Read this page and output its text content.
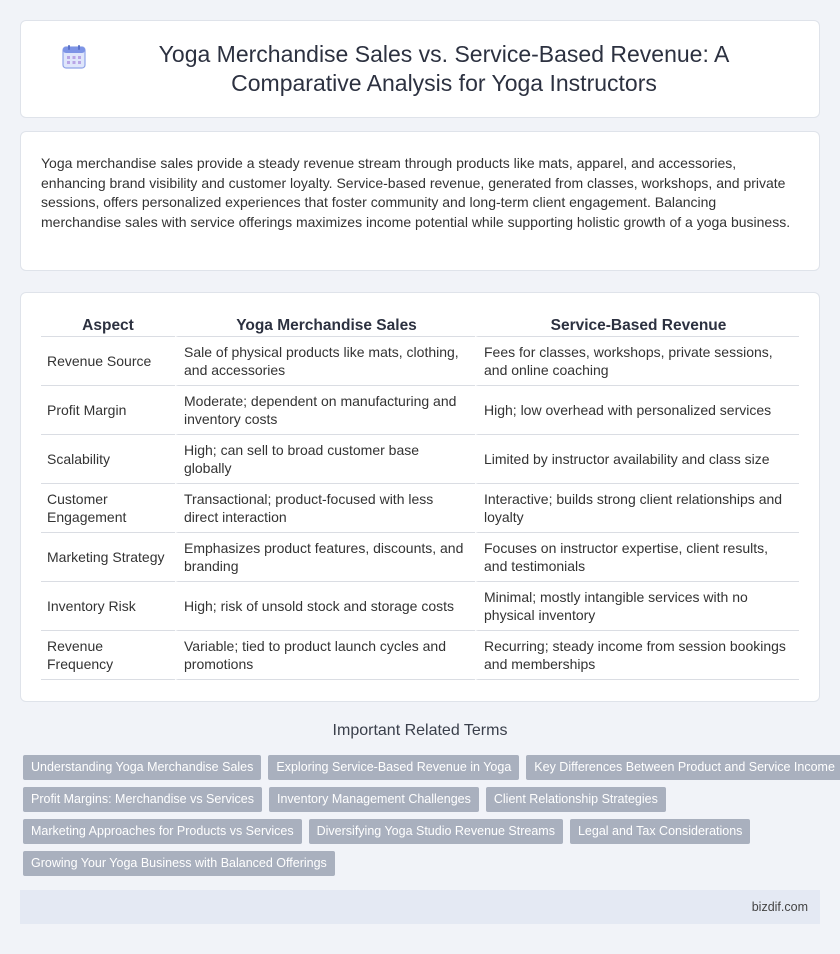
Yoga Merchandise Sales vs. Service-Based Revenue: A Comparative Analysis for Yoga Instructors

Yoga merchandise sales provide a steady revenue stream through products like mats, apparel, and accessories, enhancing brand visibility and customer loyalty. Service-based revenue, generated from classes, workshops, and private sessions, offers personalized experiences that foster community and long-term client engagement. Balancing merchandise sales with service offerings maximizes income potential while supporting holistic growth of a yoga business.

Aspect	Yoga Merchandise Sales	Service-Based Revenue
Revenue Source	Sale of physical products like mats, clothing, and accessories	Fees for classes, workshops, private sessions, and online coaching
Profit Margin	Moderate; dependent on manufacturing and inventory costs	High; low overhead with personalized services
Scalability	High; can sell to broad customer base globally	Limited by instructor availability and class size
Customer Engagement	Transactional; product-focused with less direct interaction	Interactive; builds strong client relationships and loyalty
Marketing Strategy	Emphasizes product features, discounts, and branding	Focuses on instructor expertise, client results, and testimonials
Inventory Risk	High; risk of unsold stock and storage costs	Minimal; mostly intangible services with no physical inventory
Revenue Frequency	Variable; tied to product launch cycles and promotions	Recurring; steady income from session bookings and memberships
Important Related Terms
Understanding Yoga Merchandise Sales	Exploring Service-Based Revenue in Yoga	Key Differences Between Product and Service Income
Profit Margins: Merchandise vs Services	Inventory Management Challenges	Client Relationship Strategies
Marketing Approaches for Products vs Services	Diversifying Yoga Studio Revenue Streams	Legal and Tax Considerations
Growing Your Yoga Business with Balanced Offerings
bizdif.com
